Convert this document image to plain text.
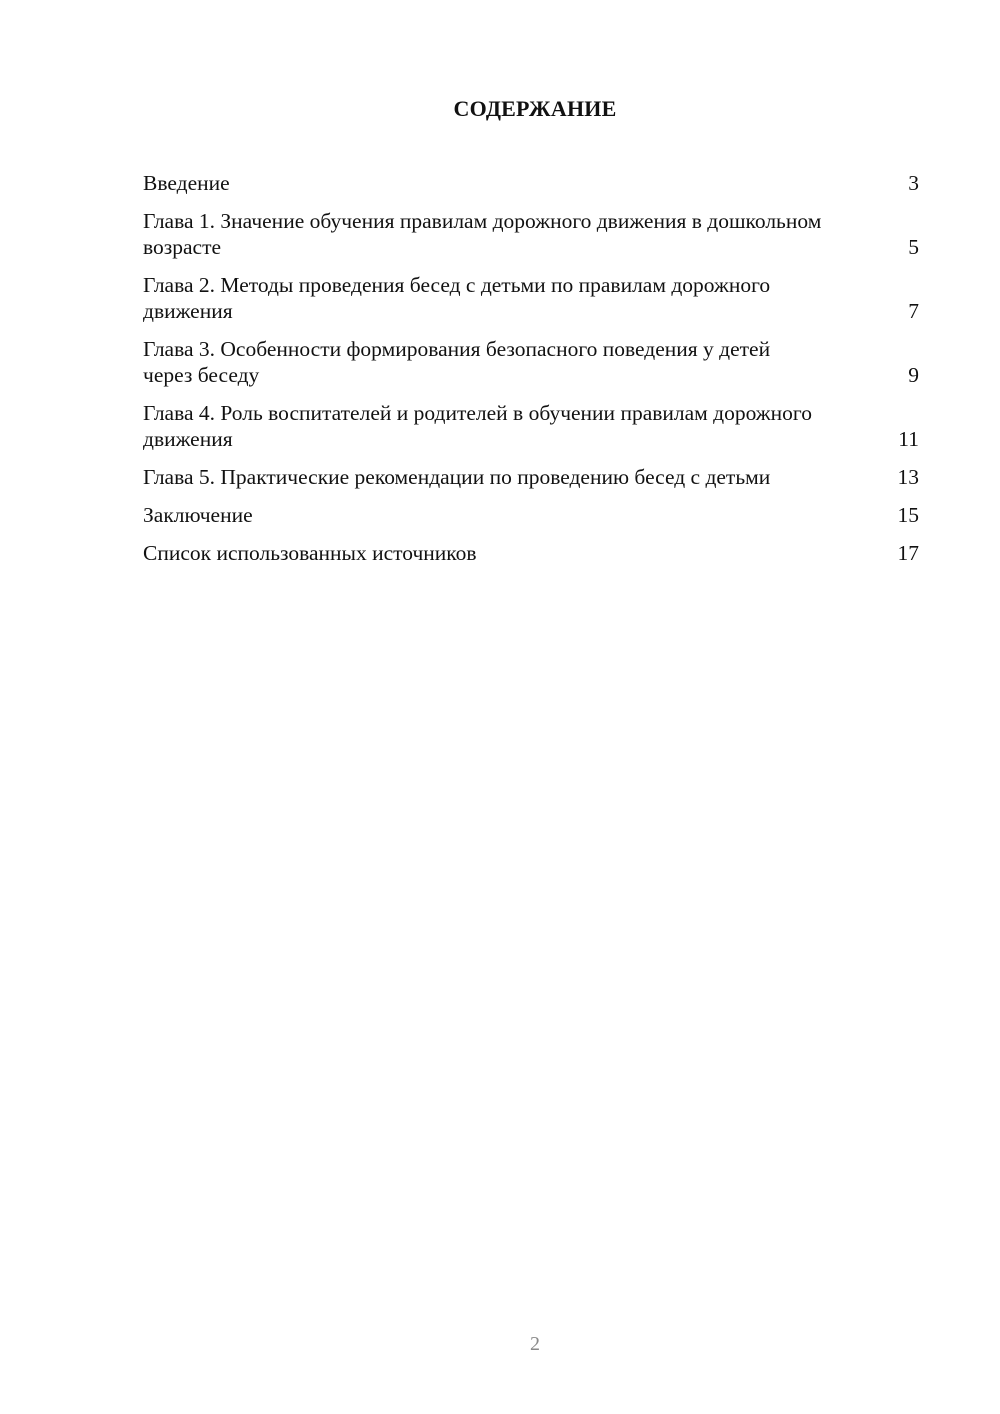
СОДЕРЖАНИЕ
Введение	3
Глава 1. Значение обучения правилам дорожного движения в дошкольном возрасте	5
Глава 2. Методы проведения бесед с детьми по правилам дорожного движения	7
Глава 3. Особенности формирования безопасного поведения у детей через беседу	9
Глава 4. Роль воспитателей и родителей в обучении правилам дорожного движения	11
Глава 5. Практические рекомендации по проведению бесед с детьми	13
Заключение	15
Список использованных источников	17
2
